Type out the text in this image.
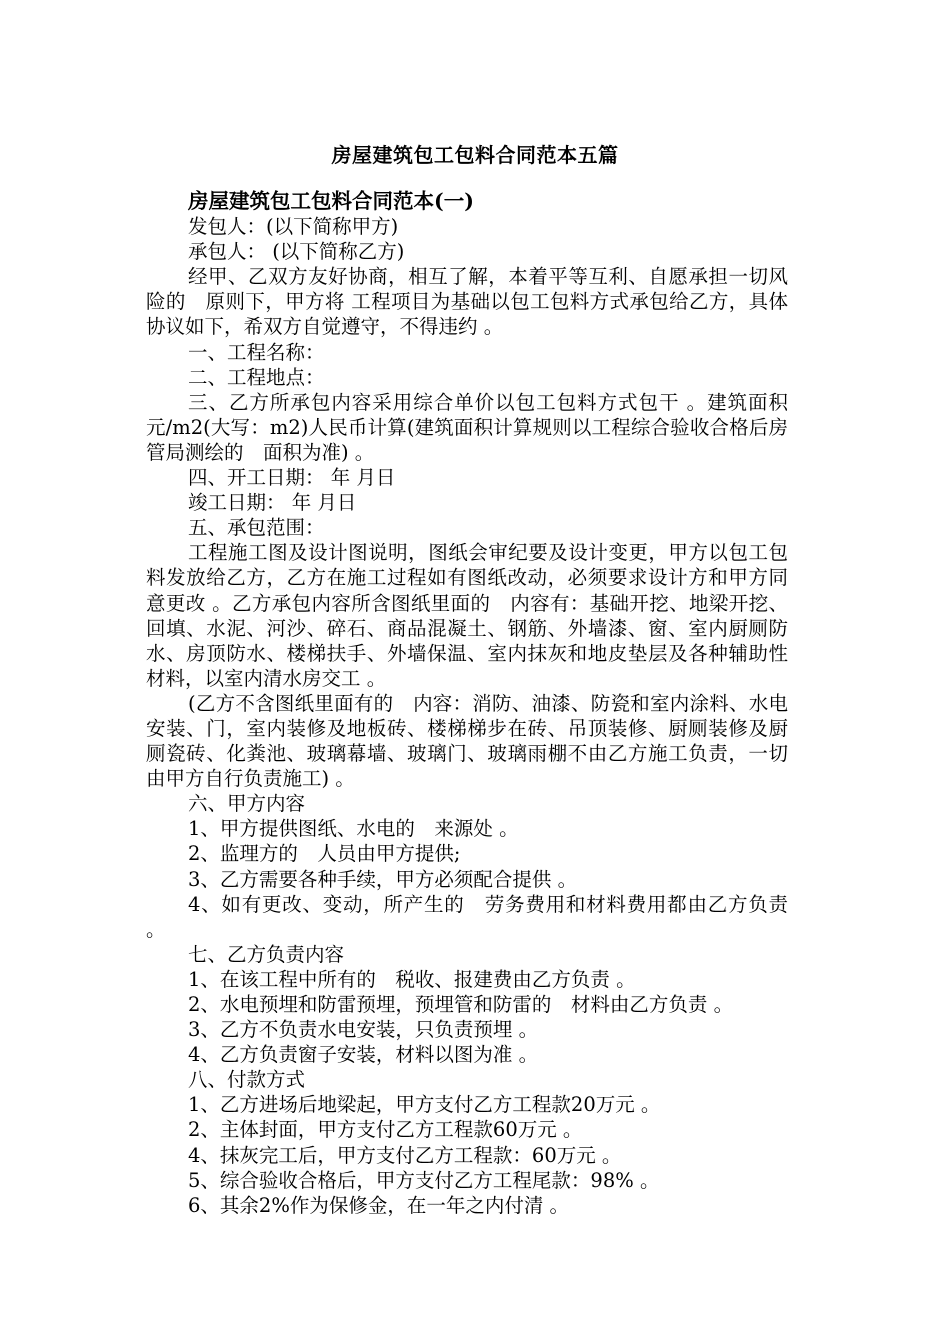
房屋建筑包工包料合同范本五篇

房屋建筑包工包料合同范本(一)

发包人：(以下简称甲方)

承包人： (以下简称乙方)

经甲、乙双方友好协商，相互了解，本着平等互利、自愿承担一切风险的　原则下，甲方将 工程项目为基础以包工包料方式承包给乙方，具体协议如下，希双方自觉遵守，不得违约 。

一、工程名称：

二、工程地点：

三、乙方所承包内容采用综合单价以包工包料方式包干 。建筑面积 元/m2(大写：m2)人民币计算(建筑面积计算规则以工程综合验收合格后房管局测绘的　面积为准) 。

四、开工日期： 年 月日

竣工日期： 年 月日

五、承包范围：

工程施工图及设计图说明，图纸会审纪要及设计变更，甲方以包工包料发放给乙方，乙方在施工过程如有图纸改动，必须要求设计方和甲方同意更改 。乙方承包内容所含图纸里面的　内容有：基础开挖、地梁开挖、回填、水泥、河沙、碎石、商品混凝土、钢筋、外墙漆、窗、室内厨厕防水、房顶防水、楼梯扶手、外墙保温、室内抹灰和地皮垫层及各种辅助性材料，以室内清水房交工 。

(乙方不含图纸里面有的　内容：消防、油漆、防瓷和室内涂料、水电安装、门，室内装修及地板砖、楼梯梯步在砖、吊顶装修、厨厕装修及厨厕瓷砖、化粪池、玻璃幕墙、玻璃门、玻璃雨棚不由乙方施工负责，一切由甲方自行负责施工) 。

六、甲方内容

1、甲方提供图纸、水电的　来源处 。

2、监理方的　人员由甲方提供;

3、乙方需要各种手续，甲方必须配合提供 。

4、如有更改、变动，所产生的　劳务费用和材料费用都由乙方负责 。

七、乙方负责内容

1、在该工程中所有的　税收、报建费由乙方负责 。

2、水电预埋和防雷预埋，预埋管和防雷的　材料由乙方负责 。

3、乙方不负责水电安装，只负责预埋 。

4、乙方负责窗子安装，材料以图为准 。

八、付款方式

1、乙方进场后地梁起，甲方支付乙方工程款20万元 。

2、主体封面，甲方支付乙方工程款60万元 。

4、抹灰完工后，甲方支付乙方工程款：60万元 。

5、综合验收合格后，甲方支付乙方工程尾款：98% 。

6、其余2%作为保修金，在一年之内付清 。
